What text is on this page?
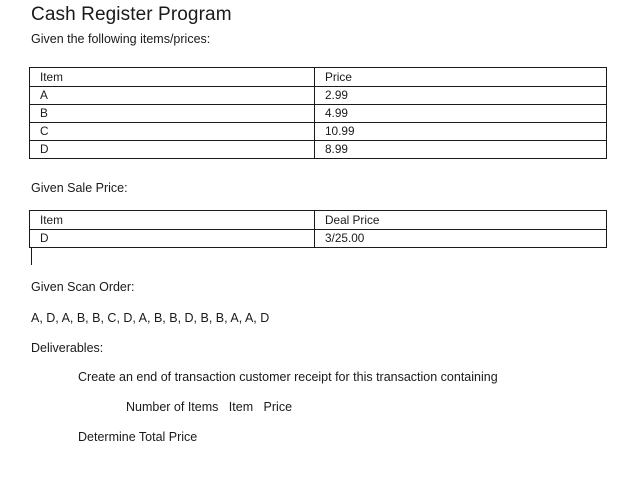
Cash Register Program

Given the following items/prices:

Item	Price
A	2.99
B	4.99
C	10.99
D	8.99

Given Sale Price:

Item	Deal Price
D	3/25.00

Given Scan Order:

A, D, A, B, B, C, D, A, B, B, D, B, B, A, A, D

Deliverables:

Create an end of transaction customer receipt for this transaction containing

Number of Items   Item   Price

Determine Total Price
